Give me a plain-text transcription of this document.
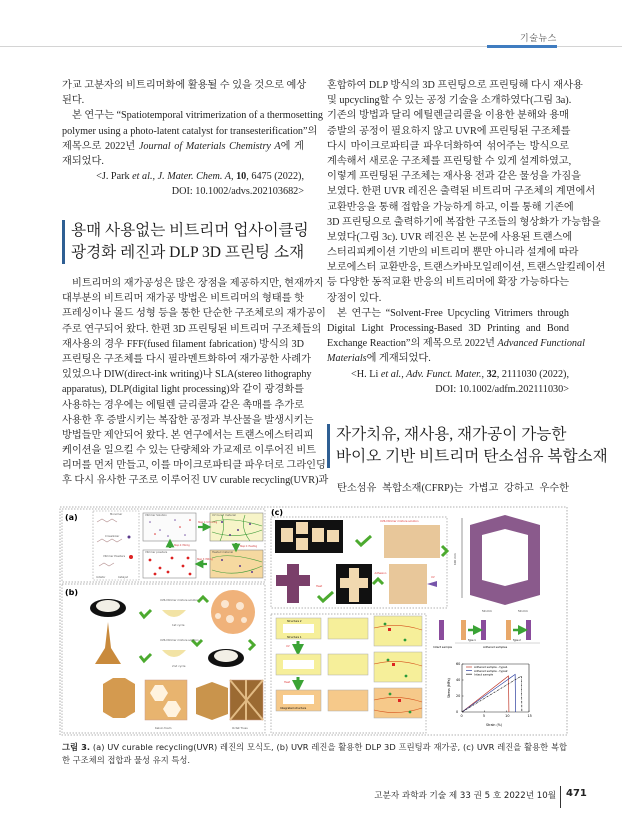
기술뉴스
가교 고분자의 비트리머화에 활용될 수 있을 것으로 예상
된다.
본 연구는 “Spatiotemporal vitrimerization of a thermosetting
polymer using a photo-latent catalyst for transesterification”의
제목으로 2022년 Journal of Materials Chemistry A에 게
재되었다.
<J. Park et al., J. Mater. Chem. A, 10, 6475 (2022),
DOI: 10.1002/advs.202103682>
용매 사용없는 비트리머 업사이클링
광경화 레진과 DLP 3D 프린팅 소재
비트리머의 재가공성은 많은 장점을 제공하지만, 현재까지
대부분의 비트리머 재가공 방법은 비트리머의 형태를 핫
프레싱이나 몰드 성형 등을 통한 단순한 구조체로의 재가공이
주로 연구되어 왔다. 한편 3D 프린팅된 비트리머 구조체들의
재사용의 경우 FFF(fused filament fabrication) 방식의 3D
프린팅은 구조체를 다시 필라멘트화하여 재가공한 사례가
있었으나 DIW(direct-ink writing)나 SLA(stereo lithography
apparatus), DLP(digital light processing)와 같이 광경화를
사용하는 경우에는 에틸렌 글리콜과 같은 촉매를 추가로
사용한 후 증발시키는 복잡한 공정과 부산물을 발생시키는
방법들만 제안되어 왔다. 본 연구에서는 트랜스에스터리피
케이션을 일으킬 수 있는 단량체와 가교제로 이루어진 비트
리머를 먼저 만들고, 이를 마이크로파티클 파우더로 그라인딩
후 다시 유사한 구조로 이루어진 UV curable recycling(UVR)과
혼합하여 DLP 방식의 3D 프린팅으로 프린팅해 다시 재사용
및 upcycling할 수 있는 공정 기술을 소개하였다(그림 3a).
기존의 방법과 달리 에틸렌글리콜을 이용한 분해와 용매
증발의 공정이 필요하지 않고 UVR에 프린팅된 구조체를
다시 마이크로파티클 파우더화하여 섞어주는 방식으로
계속해서 새로운 구조체를 프린팅할 수 있게 설계하였고,
이렇게 프린팅된 구조체는 재사용 전과 같은 물성을 가짐을
보였다. 한편 UVR 레진은 출력된 비트리머 구조체의 계면에서
교환반응을 통해 접합을 가능하게 하고, 이를 통해 기존에
3D 프린팅으로 출력하기에 복잡한 구조들의 형상화가 가능함을
보였다(그림 3c). UVR 레진은 본 논문에 사용된 트랜스에
스터리피케이션 기반의 비트리머 뿐만 아니라 설계에 따라
보로에스터 교환반응, 트랜스카바모일레이션, 트랜스알킬레이션
등 다양한 동적교환 반응의 비트리머에 확장 가능하다는
장점이 있다.
본 연구는 “Solvent-Free Upcycling Vitrimers through
Digital Light Processing-Based 3D Printing and Bond
Exchange Reaction”의 제목으로 2022년 Advanced Functional
Materials에 게재되었다.
<H. Li et al., Adv. Funct. Mater., 32, 2111030 (2022),
DOI: 10.1002/adfm.202111030>
자가치유, 재사용, 재가공이 가능한
바이오 기반 비트리머 탄소섬유 복합소재
탄소섬유 복합소재(CFRP)는 가볍고 강하고 우수한
(a)	Monomer
Crosslinker
Vitrimer Powders
Initiator	Catalyst
Vitrimer Solution	UV Cured material
Vitrimer powders	Heated material
Step 1: UV curing
Step 2: Heating
Step 3: Milling
Step 4: Mixing
(b)
UVR-Vitrimer mixture solution
1st cycle
UVR-Vitrimer mixture solution
2nd cycle
Kelvin foam	Octet Truss
(c)
UVR-Vitrimer mixture solution
UV
Adhesion
Heat
100 mm
50 mm	50 mm
Structure 2
Structure 1
UV
Heat
Integrated structure
Type 1	Type 2
Intact sample	Adhered samples
0	5	10	15
0
20
40
60
Adhered sample - type1
Adhered sample - type2
Intact sample
Strain (%)
Stress (MPa)
그림 3. (a) UV curable recycling(UVR) 레진의 모식도, (b) UVR 레진을 활용한 DLP 3D 프린팅과 재가공, (c) UVR 레진을 활용한 복합한 구조체의 접합과 물성 유지 특성.
고분자 과학과 기술 제 33 권 5 호 2022년 10월 471
